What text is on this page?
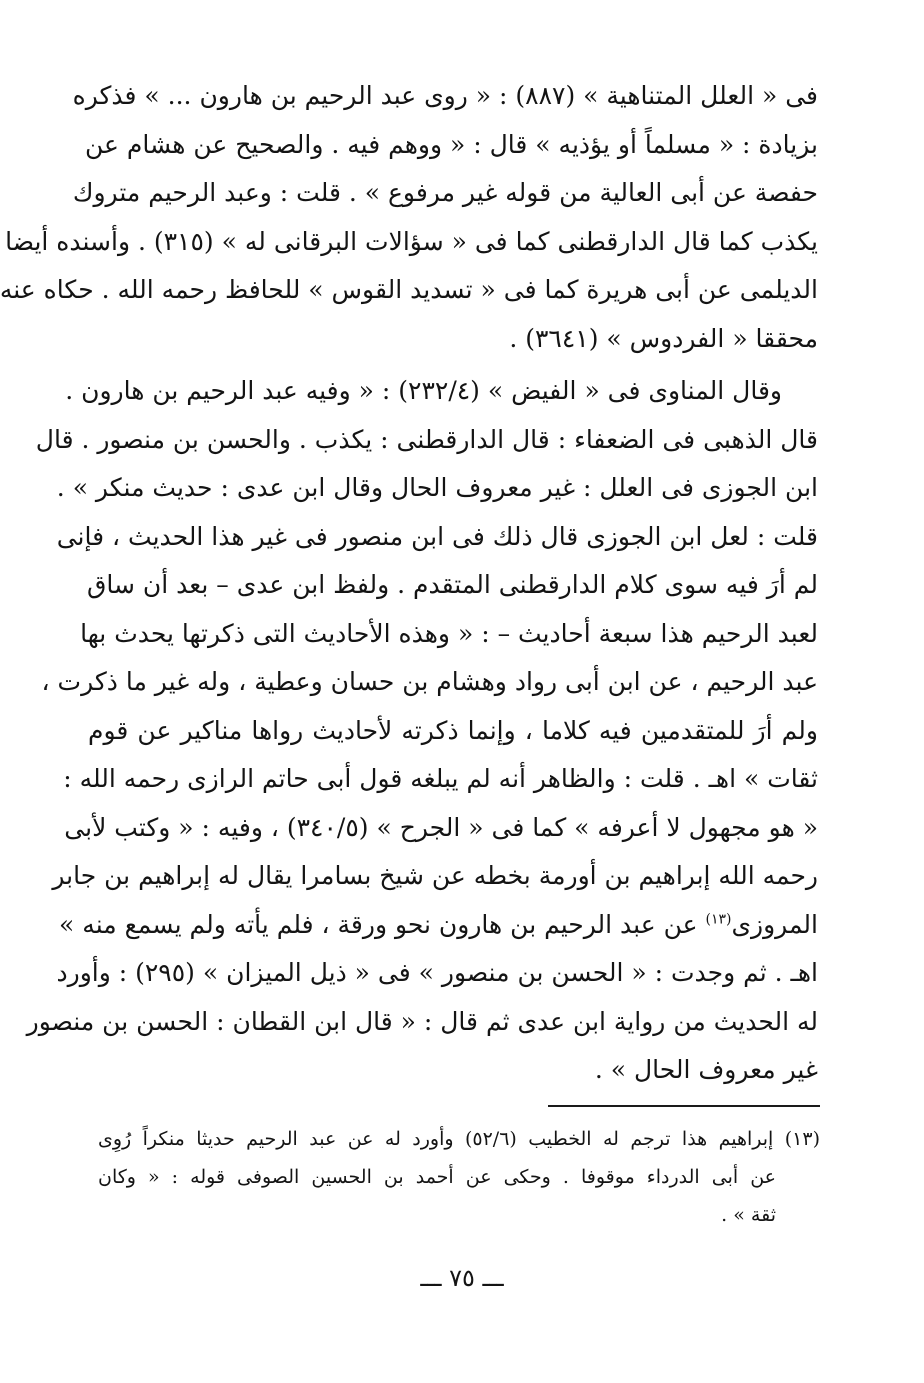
فى « العلل المتناهية » (٨٨٧) : « روى عبد الرحيم بن هارون ... » فذكره
بزيادة : « مسلماً أو يؤذيه » قال : « ووهم فيه . والصحيح عن هشام عن
حفصة عن أبى العالية من قوله غير مرفوع » . قلت : وعبد الرحيم متروك
يكذب كما قال الدارقطنى كما فى « سؤالات البرقانى له » (٣١٥) . وأسنده أيضا
الديلمى عن أبى هريرة كما فى « تسديد القوس » للحافظ رحمه الله . حكاه عنه
محققا « الفردوس » (٣٦٤١) .
وقال المناوى فى « الفيض » (٢٣٢/٤) : « وفيه عبد الرحيم بن هارون .
قال الذهبى فى الضعفاء : قال الدارقطنى : يكذب . والحسن بن منصور . قال
ابن الجوزى فى العلل : غير معروف الحال وقال ابن عدى : حديث منكر » .
قلت : لعل ابن الجوزى قال ذلك فى ابن منصور فى غير هذا الحديث ، فإنى
لم أرَ فيه سوى كلام الدارقطنى المتقدم . ولفظ ابن عدى – بعد أن ساق
لعبد الرحيم هذا سبعة أحاديث – : « وهذه الأحاديث التى ذكرتها يحدث بها
عبد الرحيم ، عن ابن أبى رواد وهشام بن حسان وعطية ، وله غير ما ذكرت ،
ولم أرَ للمتقدمين فيه كلاما ، وإنما ذكرته لأحاديث رواها مناكير عن قوم
ثقات » اهـ . قلت : والظاهر أنه لم يبلغه قول أبى حاتم الرازى رحمه الله :
« هو مجهول لا أعرفه » كما فى « الجرح » (٣٤٠/٥) ، وفيه : « وكتب لأبى
رحمه الله إبراهيم بن أورمة بخطه عن شيخ بسامرا يقال له إبراهيم بن جابر
المروزى$^{(١٣)}$ عن عبد الرحيم بن هارون نحو ورقة ، فلم يأته ولم يسمع منه »
اهـ . ثم وجدت : « الحسن بن منصور » فى « ذيل الميزان » (٢٩٥) : وأورد
له الحديث من رواية ابن عدى ثم قال : « قال ابن القطان : الحسن بن منصور
غير معروف الحال » .
(١٣) إبراهيم هذا ترجم له الخطيب (٥٢/٦) وأورد له عن عبد الرحيم حديثا منكراً رُوِى
عن أبى الدرداء موقوفا . وحكى عن أحمد بن الحسين الصوفى قوله : « وكان
ثقة » .
ـــ ٧٥ ـــ
